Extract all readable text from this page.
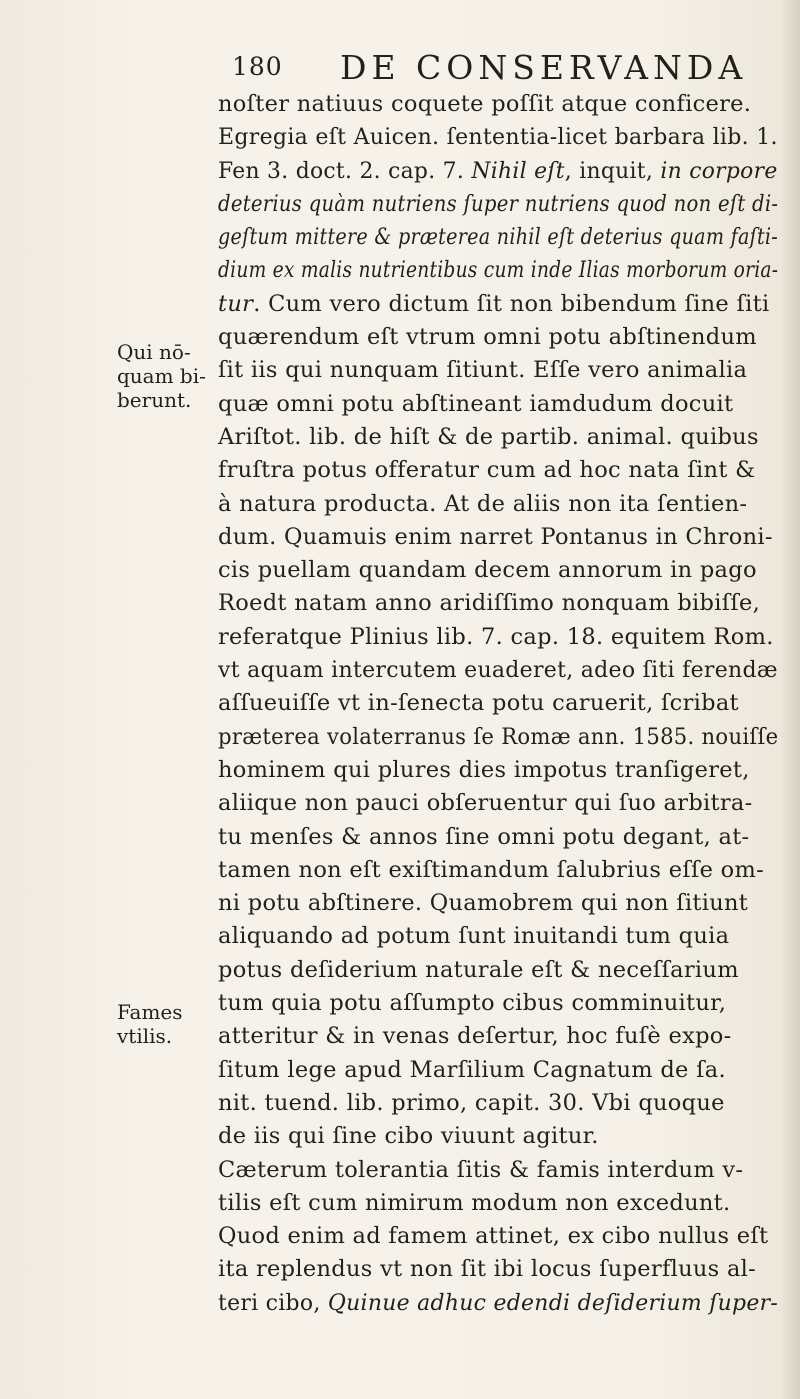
180 DE CONSERVANDA
Qui nō-
quam bi-
berunt.
Fames
vtilis.
noſter natiuus coquete poſſit atque conficere.
Egregia eſt Auicen. ſententia-licet barbara lib. 1.
Fen 3. doct. 2. cap. 7. Nihil eſt, inquit, in corpore
deterius quàm nutriens ſuper nutriens quod non eſt di-
geſtum mittere & præterea nihil eſt deterius quam faſti-
dium ex malis nutrientibus cum inde Ilias morborum oria-
tur. Cum vero dictum ſit non bibendum ſine ſiti
quærendum eſt vtrum omni potu abſtinendum
ſit iis qui nunquam ſitiunt. Eſſe vero animalia
quæ omni potu abſtineant iamdudum docuit
Ariſtot. lib. de hiſt & de partib. animal. quibus
fruſtra potus offeratur cum ad hoc nata ſint &
à natura producta. At de aliis non ita ſentien-
dum. Quamuis enim narret Pontanus in Chroni-
cis puellam quandam decem annorum in pago
Roedt natam anno aridiſſimo nonquam bibiſſe,
referatque Plinius lib. 7. cap. 18. equitem Rom.
vt aquam intercutem euaderet, adeo ſiti ferendæ
aſſueuiſſe vt in-ſenecta potu caruerit, ſcribat
præterea volaterranus ſe Romæ ann. 1585. nouiſſe
hominem qui plures dies impotus tranſigeret,
aliique non pauci obſeruentur qui ſuo arbitra-
tu menſes & annos ſine omni potu degant, at-
tamen non eſt exiſtimandum ſalubrius eſſe om-
ni potu abſtinere. Quamobrem qui non ſitiunt
aliquando ad potum ſunt inuitandi tum quia
potus deſiderium naturale eſt & neceſſarium
tum quia potu aſſumpto cibus comminuitur,
atteritur & in venas deſertur, hoc fuſè expo-
ſitum lege apud Marſilium Cagnatum de ſa.
nit. tuend. lib. primo, capit. 30. Vbi quoque
de iis qui ſine cibo viuunt agitur.
Cæterum tolerantia ſitis & famis interdum v-
tilis eſt cum nimirum modum non excedunt.
Quod enim ad famem attinet, ex cibo nullus eſt
ita replendus vt non ſit ibi locus ſuperfluus al-
teri cibo, Quinue adhuc edendi deſiderium ſuper-
